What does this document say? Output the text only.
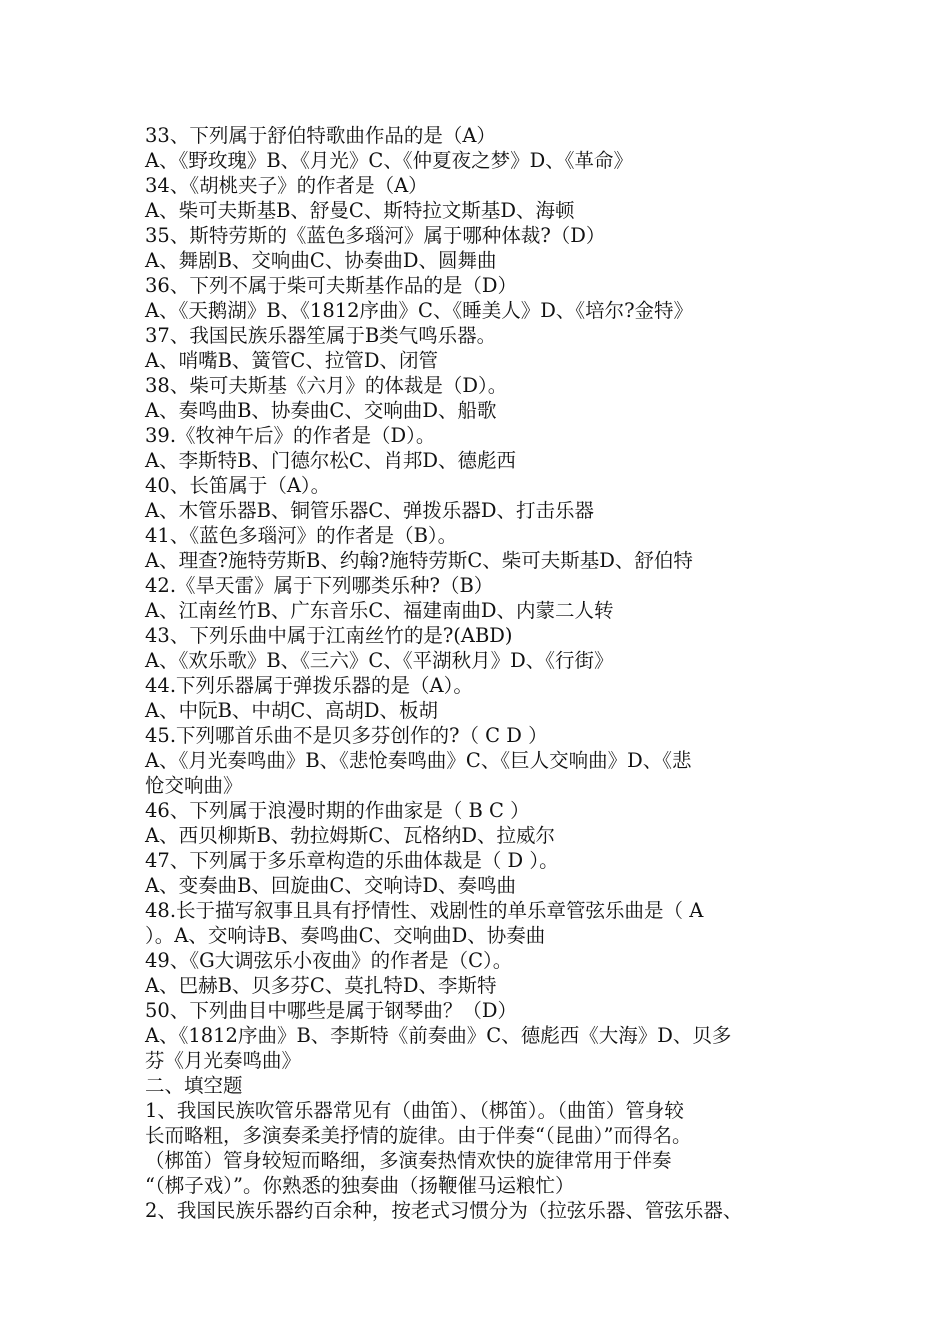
33、下列属于舒伯特歌曲作品的是（A）
A、《野玫瑰》B、《月光》C、《仲夏夜之梦》D、《革命》
34、《胡桃夹子》的作者是（A）
A、柴可夫斯基B、舒曼C、斯特拉文斯基D、海顿
35、斯特劳斯的《蓝色多瑙河》属于哪种体裁?（D）
A、舞剧B、交响曲C、协奏曲D、圆舞曲
36、下列不属于柴可夫斯基作品的是（D）
A、《天鹅湖》B、《1812序曲》C、《睡美人》D、《培尔?金特》
37、我国民族乐器笙属于B类气鸣乐器。
A、哨嘴B、簧管C、拉管D、闭管
38、柴可夫斯基《六月》的体裁是（D）。
A、奏鸣曲B、协奏曲C、交响曲D、船歌
39.《牧神午后》的作者是（D）。
A、李斯特B、门德尔松C、肖邦D、德彪西
40、长笛属于（A）。
A、木管乐器B、铜管乐器C、弹拨乐器D、打击乐器
41、《蓝色多瑙河》的作者是（B）。
A、理查?施特劳斯B、约翰?施特劳斯C、柴可夫斯基D、舒伯特
42.《旱天雷》属于下列哪类乐种?（B）
A、江南丝竹B、广东音乐C、福建南曲D、内蒙二人转
43、下列乐曲中属于江南丝竹的是?(ABD)
A、《欢乐歌》B、《三六》C、《平湖秋月》D、《行街》
44.下列乐器属于弹拨乐器的是（A）。
A、中阮B、中胡C、高胡D、板胡
45.下列哪首乐曲不是贝多芬创作的?（ C D ）
A、《月光奏鸣曲》B、《悲怆奏鸣曲》C、《巨人交响曲》D、《悲
怆交响曲》
46、下列属于浪漫时期的作曲家是（ B C ）
A、西贝柳斯B、勃拉姆斯C、瓦格纳D、拉威尔
47、下列属于多乐章构造的乐曲体裁是（ D ）。
A、变奏曲B、回旋曲C、交响诗D、奏鸣曲
48.长于描写叙事且具有抒情性、戏剧性的单乐章管弦乐曲是（ A
）。A、交响诗B、奏鸣曲C、交响曲D、协奏曲
49、《G大调弦乐小夜曲》的作者是（C）。
A、巴赫B、贝多芬C、莫扎特D、李斯特
50、下列曲目中哪些是属于钢琴曲？（D）
A、《1812序曲》B、李斯特《前奏曲》C、德彪西《大海》D、贝多
芬《月光奏鸣曲》
二、填空题
1、我国民族吹管乐器常见有（曲笛）、（梆笛）。（曲笛）管身较
长而略粗，多演奏柔美抒情的旋律。由于伴奏“（昆曲）”而得名。
（梆笛）管身较短而略细，多演奏热情欢快的旋律常用于伴奏
“（梆子戏）”。你熟悉的独奏曲（扬鞭催马运粮忙）
2、我国民族乐器约百余种，按老式习惯分为（拉弦乐器、管弦乐器、
